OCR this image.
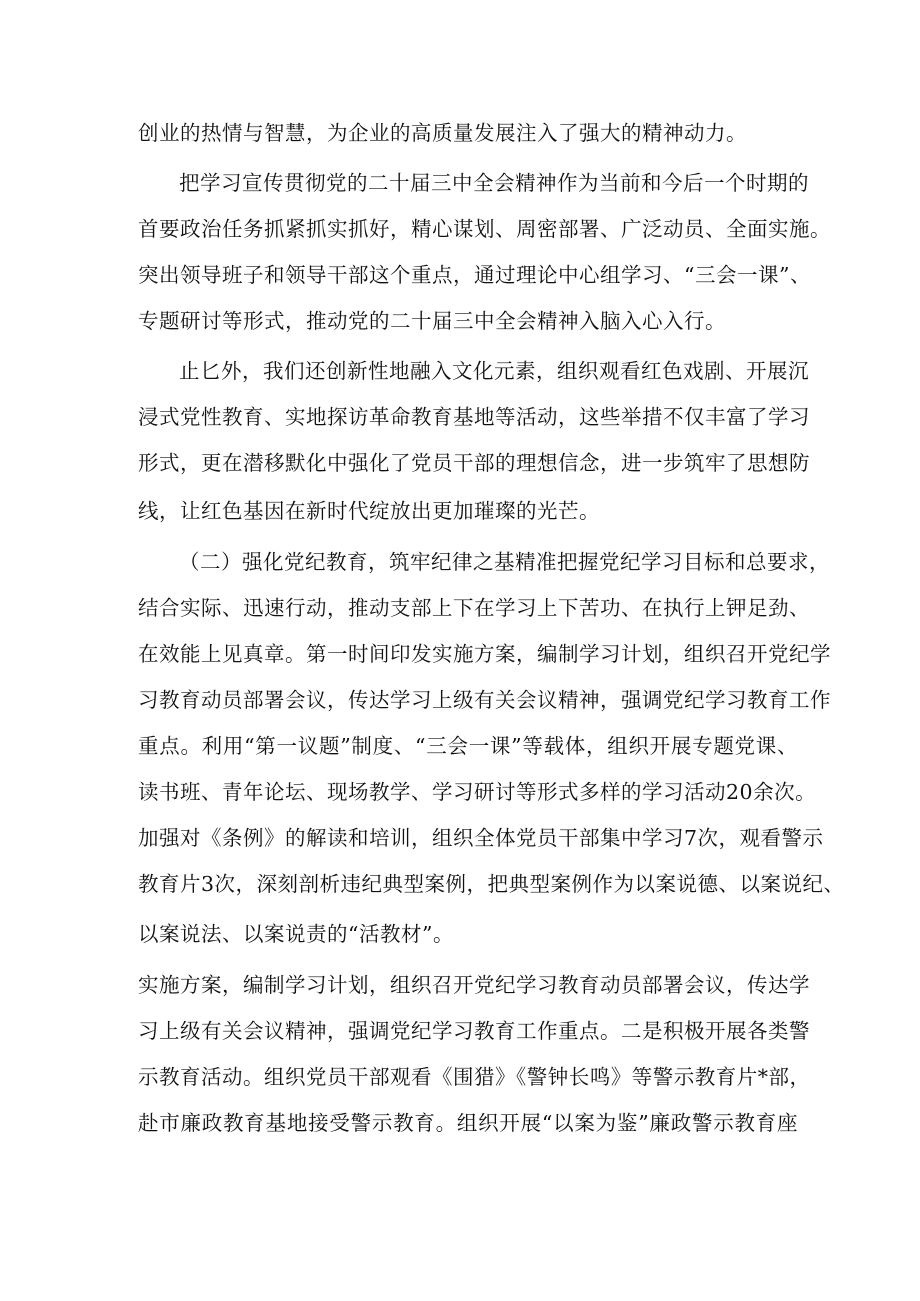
创业的热情与智慧，为企业的高质量发展注入了强大的精神动力。
把学习宣传贯彻党的二十届三中全会精神作为当前和今后一个时期的
首要政治任务抓紧抓实抓好，精心谋划、周密部署、广泛动员、全面实施。
突出领导班子和领导干部这个重点，通过理论中心组学习、“三会一课”、
专题研讨等形式，推动党的二十届三中全会精神入脑入心入行。
止匕外，我们还创新性地融入文化元素，组织观看红色戏剧、开展沉
浸式党性教育、实地探访革命教育基地等活动，这些举措不仅丰富了学习
形式，更在潜移默化中强化了党员干部的理想信念，进一步筑牢了思想防
线，让红色基因在新时代绽放出更加璀璨的光芒。
（二）强化党纪教育，筑牢纪律之基精准把握党纪学习目标和总要求，
结合实际、迅速行动，推动支部上下在学习上下苦功、在执行上钾足劲、
在效能上见真章。第一时间印发实施方案，编制学习计划，组织召开党纪学
习教育动员部署会议，传达学习上级有关会议精神，强调党纪学习教育工作
重点。利用“第一议题”制度、“三会一课”等载体，组织开展专题党课、
读书班、青年论坛、现场教学、学习研讨等形式多样的学习活动20余次。
加强对《条例》的解读和培训，组织全体党员干部集中学习7次，观看警示
教育片3次，深刻剖析违纪典型案例，把典型案例作为以案说德、以案说纪、
以案说法、以案说责的“活教材”。
实施方案，编制学习计划，组织召开党纪学习教育动员部署会议，传达学
习上级有关会议精神，强调党纪学习教育工作重点。二是积极开展各类警
示教育活动。组织党员干部观看《围猎》《警钟长鸣》等警示教育片*部，
赴市廉政教育基地接受警示教育。组织开展“以案为鉴”廉政警示教育座
